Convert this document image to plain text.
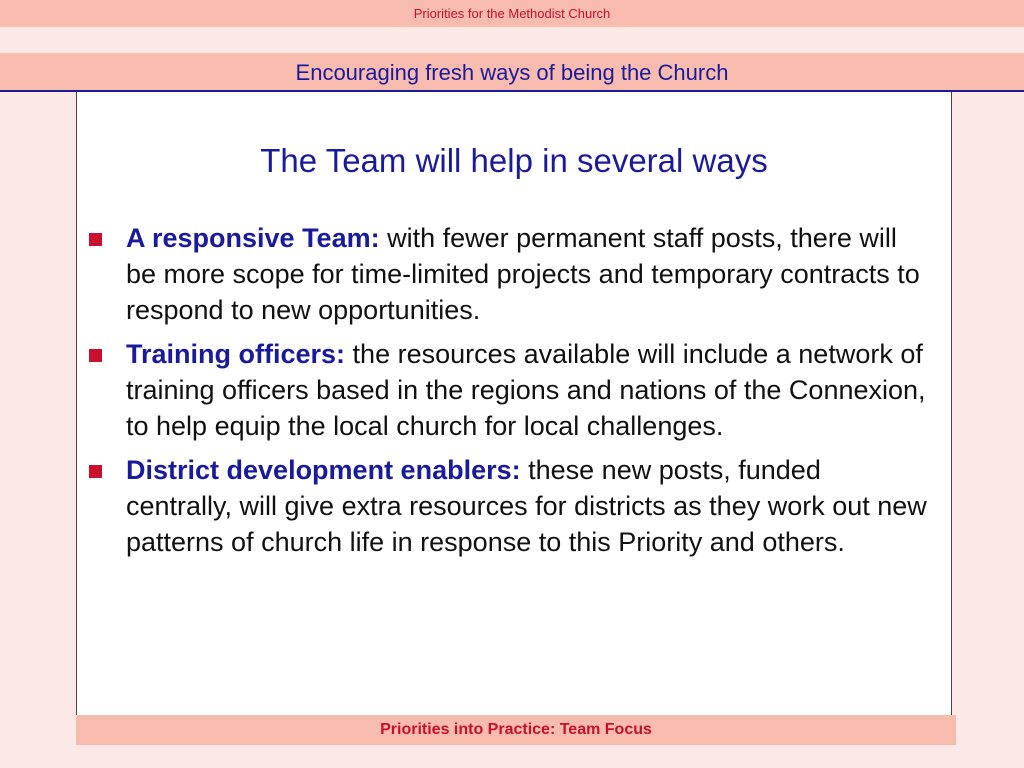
Priorities for the Methodist Church
Encouraging fresh ways of being the Church
The Team will help in several ways
A responsive Team: with fewer permanent staff posts, there will be more scope for time-limited projects and temporary contracts to respond to new opportunities.
Training officers: the resources available will include a network of training officers based in the regions and nations of the Connexion, to help equip the local church for local challenges.
District development enablers: these new posts, funded centrally, will give extra resources for districts as they work out new patterns of church life in response to this Priority and others.
Priorities into Practice: Team Focus
